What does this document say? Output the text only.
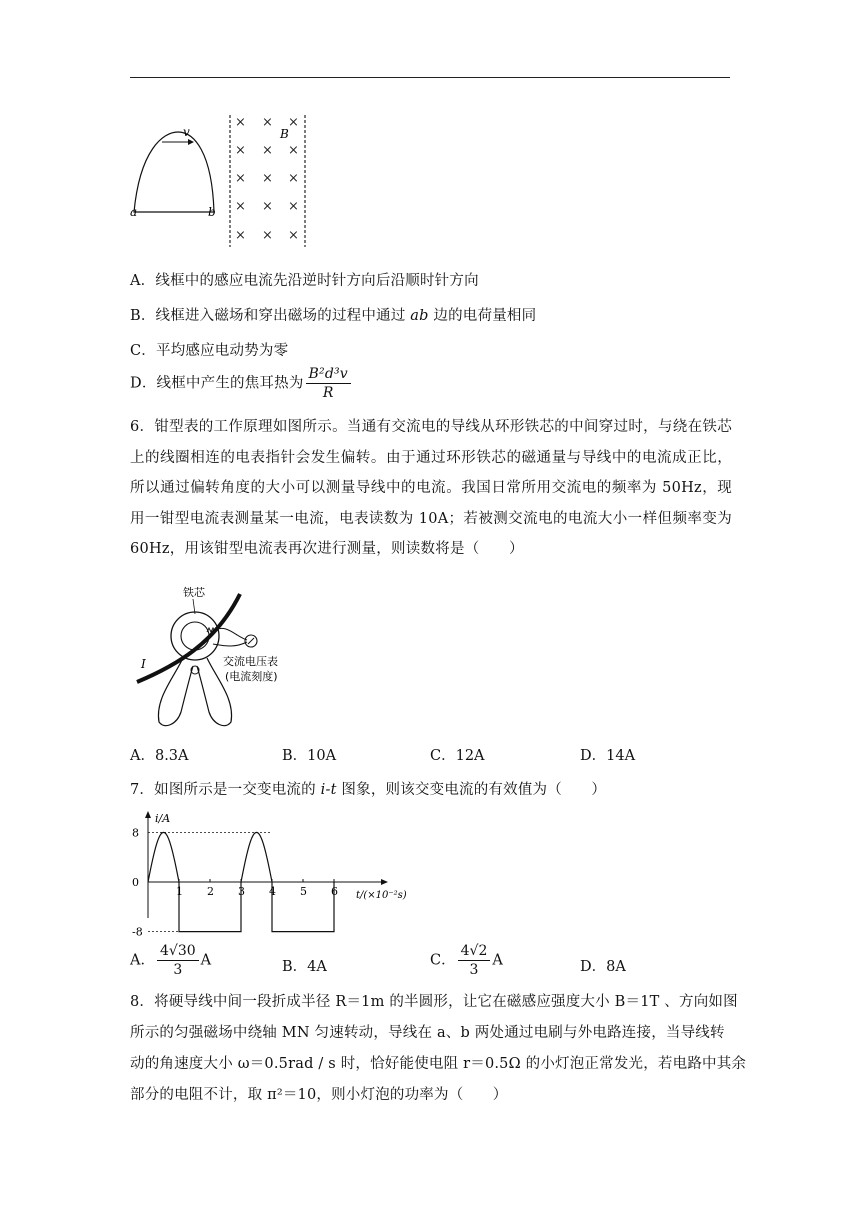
v
a	b
B
× × ×
× × ×
× × ×
× × ×
× × ×
A．线框中的感应电流先沿逆时针方向后沿顺时针方向
B．线框进入磁场和穿出磁场的过程中通过 ab 边的电荷量相同
C．平均感应电动势为零
D．线框中产生的焦耳热为 $\frac{\text{B²d³v}}{R}$
6．钳型表的工作原理如图所示。当通有交流电的导线从环形铁芯的中间穿过时，与绕在铁芯上的线圈相连的电表指针会发生偏转。由于通过环形铁芯的磁通量与导线中的电流成正比，所以通过偏转角度的大小可以测量导线中的电流。我国日常所用交流电的频率为 50Hz，现用一钳型电流表测量某一电流，电表读数为 10A；若被测交流电的电流大小一样但频率变为 60Hz，用该钳型电流表再次进行测量，则读数将是（　　）
铁芯
I	交流电压表
(电流刻度)
A．8.3A	B．10A	C．12A	D．14A
7．如图所示是一交变电流的 i-t 图象，则该交变电流的有效值为（　　）
i/A
t/(×10⁻²s)
8
0
-8
1 2 3 4 5 6
A． $\frac{4√30}{3}$ A	B．4A	C． $\frac{4√2}{3}$ A	D．8A
8．将硬导线中间一段折成半径 R＝1m 的半圆形，让它在磁感应强度大小 B＝1T 、方向如图
所示的匀强磁场中绕轴 MN 匀速转动，导线在 a、b 两处通过电刷与外电路连接，当导线转
动的角速度大小 ω＝0.5rad / s 时，恰好能使电阻 r＝0.5Ω 的小灯泡正常发光，若电路中其余
部分的电阻不计，取 π²＝10，则小灯泡的功率为（　　）
